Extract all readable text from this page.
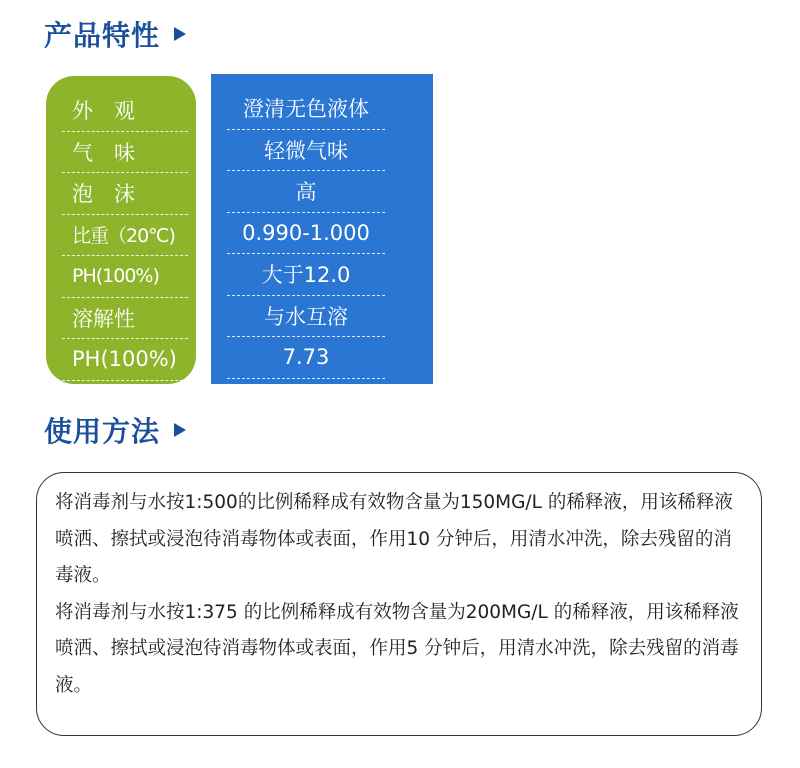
产品特性
外　观
气　味
泡　沫
比重（20℃)
PH(100%)
溶解性
PH(100%)
澄清无色液体
轻微气味
高
0.990-1.000
大于12.0
与水互溶
7.73
使用方法

将消毒剂与水按1:500的比例稀释成有效物含量为150MG/L 的稀释液，用该稀释液喷洒、擦拭或浸泡待消毒物体或表面，作用10 分钟后，用清水冲洗，除去残留的消毒液。

将消毒剂与水按1:375 的比例稀释成有效物含量为200MG/L 的稀释液，用该稀释液喷洒、擦拭或浸泡待消毒物体或表面，作用5 分钟后，用清水冲洗，除去残留的消毒液。
